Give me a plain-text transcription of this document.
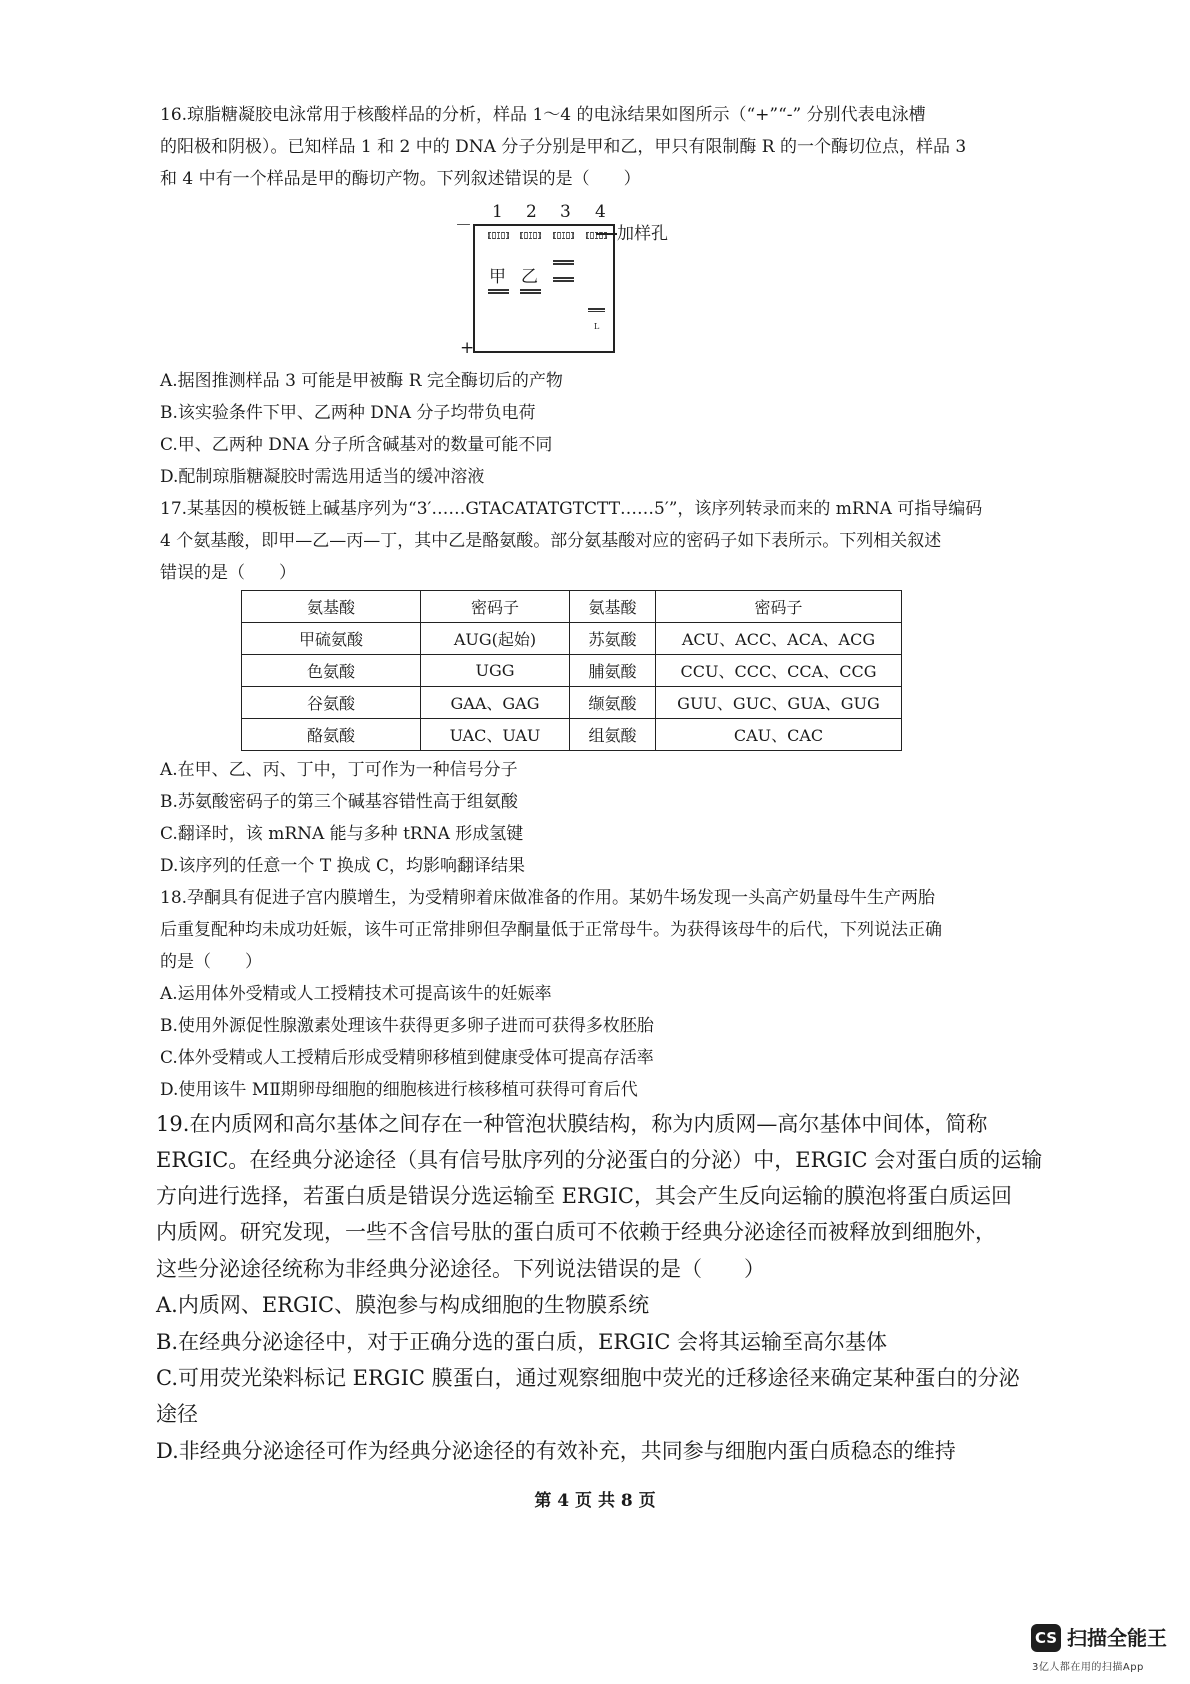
16.琼脂糖凝胶电泳常用于核酸样品的分析，样品 1～4 的电泳结果如图所示（“+”“-” 分别代表电泳槽
的阳极和阴极）。已知样品 1 和 2 中的 DNA 分子分别是甲和乙，甲只有限制酶 R 的一个酶切位点，样品 3
和 4 中有一个样品是甲的酶切产物。下列叙述错误的是（　　）
1 2 3 4
－
+
甲 乙
L
加样孔
A.据图推测样品 3 可能是甲被酶 R 完全酶切后的产物
B.该实验条件下甲、乙两种 DNA 分子均带负电荷
C.甲、乙两种 DNA 分子所含碱基对的数量可能不同
D.配制琼脂糖凝胶时需选用适当的缓冲溶液
17.某基因的模板链上碱基序列为“3′……GTACATATGTCTT……5′”，该序列转录而来的 mRNA 可指导编码
4 个氨基酸，即甲—乙—丙—丁，其中乙是酪氨酸。部分氨基酸对应的密码子如下表所示。下列相关叙述
错误的是（　　）
氨基酸	密码子	氨基酸	密码子
甲硫氨酸	AUG(起始)	苏氨酸	ACU、ACC、ACA、ACG
色氨酸	UGG	脯氨酸	CCU、CCC、CCA、CCG
谷氨酸	GAA、GAG	缬氨酸	GUU、GUC、GUA、GUG
酪氨酸	UAC、UAU	组氨酸	CAU、CAC
A.在甲、乙、丙、丁中，丁可作为一种信号分子
B.苏氨酸密码子的第三个碱基容错性高于组氨酸
C.翻译时，该 mRNA 能与多种 tRNA 形成氢键
D.该序列的任意一个 T 换成 C，均影响翻译结果
18.孕酮具有促进子宫内膜增生，为受精卵着床做准备的作用。某奶牛场发现一头高产奶量母牛生产两胎
后重复配种均未成功妊娠，该牛可正常排卵但孕酮量低于正常母牛。为获得该母牛的后代，下列说法正确
的是（　　）
A.运用体外受精或人工授精技术可提高该牛的妊娠率
B.使用外源促性腺激素处理该牛获得更多卵子进而可获得多枚胚胎
C.体外受精或人工授精后形成受精卵移植到健康受体可提高存活率
D.使用该牛 MⅡ期卵母细胞的细胞核进行核移植可获得可育后代
19.在内质网和高尔基体之间存在一种管泡状膜结构，称为内质网—高尔基体中间体，简称
ERGIC。在经典分泌途径（具有信号肽序列的分泌蛋白的分泌）中，ERGIC 会对蛋白质的运输
方向进行选择，若蛋白质是错误分选运输至 ERGIC，其会产生反向运输的膜泡将蛋白质运回
内质网。研究发现，一些不含信号肽的蛋白质可不依赖于经典分泌途径而被释放到细胞外，
这些分泌途径统称为非经典分泌途径。下列说法错误的是（　　）
A.内质网、ERGIC、膜泡参与构成细胞的生物膜系统
B.在经典分泌途径中，对于正确分选的蛋白质，ERGIC 会将其运输至高尔基体
C.可用荧光染料标记 ERGIC 膜蛋白，通过观察细胞中荧光的迁移途径来确定某种蛋白的分泌
途径
D.非经典分泌途径可作为经典分泌途径的有效补充，共同参与细胞内蛋白质稳态的维持
第 4 页 共 8 页
CS 扫描全能王
3亿人都在用的扫描App
